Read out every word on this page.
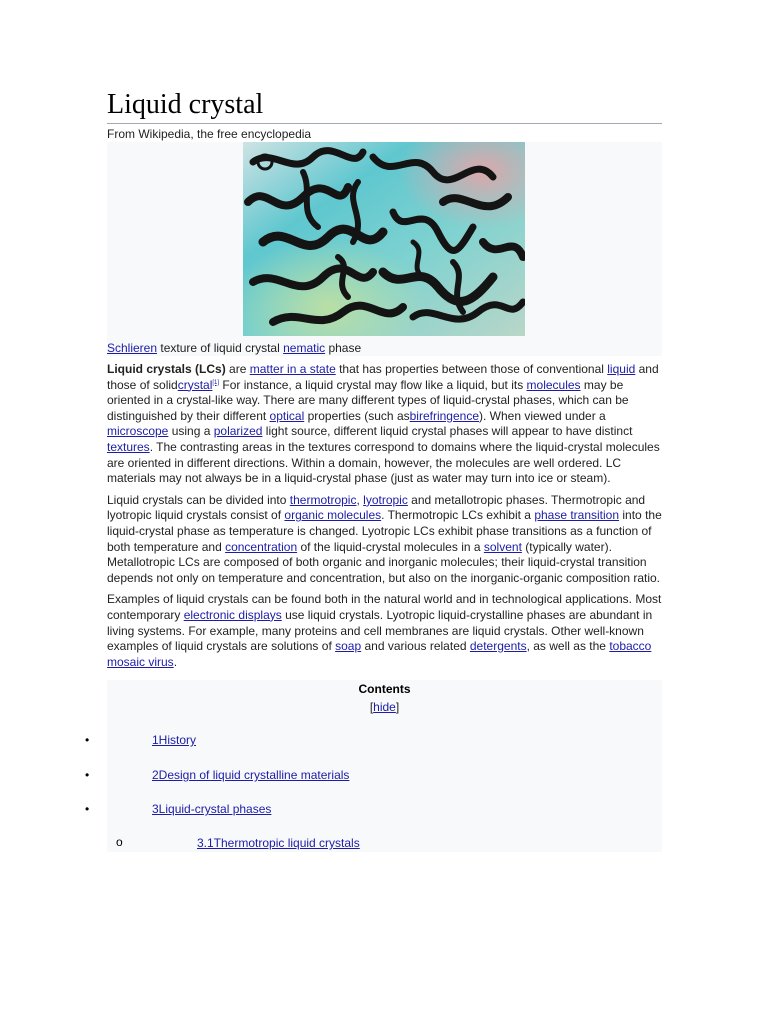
Liquid crystal
From Wikipedia, the free encyclopedia
Schlieren texture of liquid crystal nematic phase

Liquid crystals (LCs) are matter in a state that has properties between those of conventional liquid and those of solidcrystal[1] For instance, a liquid crystal may flow like a liquid, but its molecules may be oriented in a crystal-like way. There are many different types of liquid-crystal phases, which can be distinguished by their different optical properties (such asbirefringence). When viewed under a microscope using a polarized light source, different liquid crystal phases will appear to have distinct textures. The contrasting areas in the textures correspond to domains where the liquid-crystal molecules are oriented in different directions. Within a domain, however, the molecules are well ordered. LC materials may not always be in a liquid-crystal phase (just as water may turn into ice or steam).

Liquid crystals can be divided into thermotropic, lyotropic and metallotropic phases. Thermotropic and lyotropic liquid crystals consist of organic molecules. Thermotropic LCs exhibit a phase transition into the liquid-crystal phase as temperature is changed. Lyotropic LCs exhibit phase transitions as a function of both temperature and concentration of the liquid-crystal molecules in a solvent (typically water). Metallotropic LCs are composed of both organic and inorganic molecules; their liquid-crystal transition depends not only on temperature and concentration, but also on the inorganic-organic composition ratio.

Examples of liquid crystals can be found both in the natural world and in technological applications. Most contemporary electronic displays use liquid crystals. Lyotropic liquid-crystalline phases are abundant in living systems. For example, many proteins and cell membranes are liquid crystals. Other well-known examples of liquid crystals are solutions of soap and various related detergents, as well as the tobacco mosaic virus.

Contents
[hide]
•	1History
•	2Design of liquid crystalline materials
•	3Liquid-crystal phases
o	3.1Thermotropic liquid crystals
